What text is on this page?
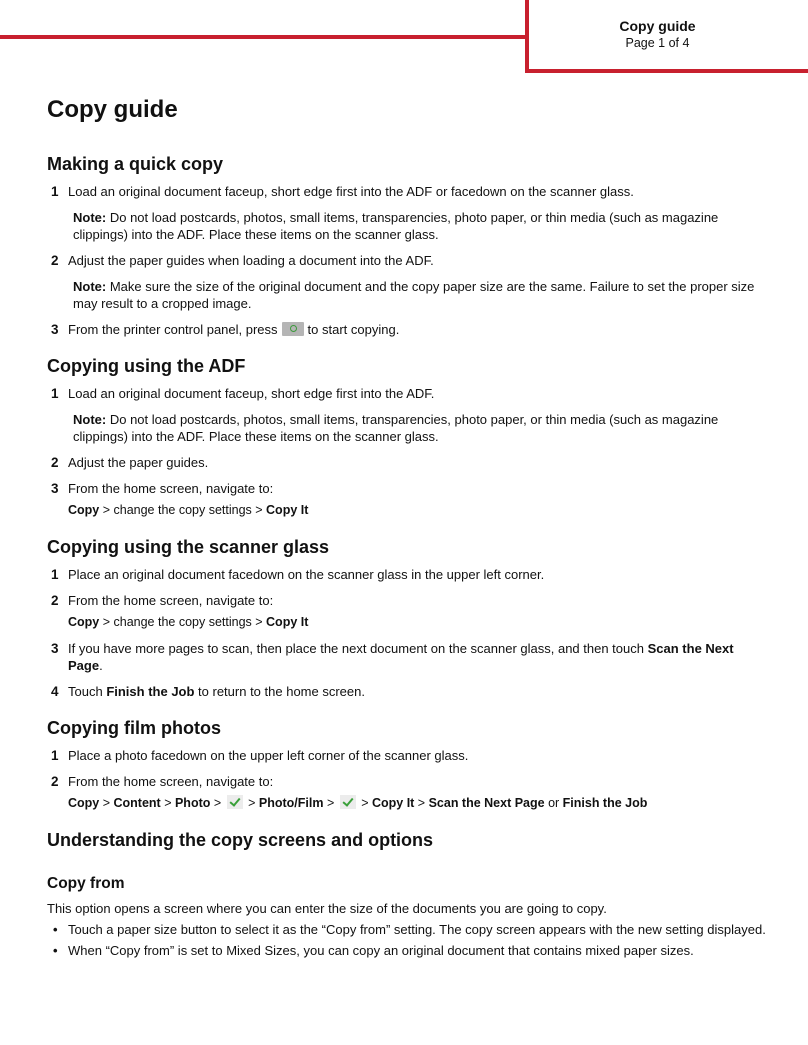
Copy guide
Page 1 of 4
Copy guide
Making a quick copy
1 Load an original document faceup, short edge first into the ADF or facedown on the scanner glass.
Note: Do not load postcards, photos, small items, transparencies, photo paper, or thin media (such as magazine clippings) into the ADF. Place these items on the scanner glass.
2 Adjust the paper guides when loading a document into the ADF.
Note: Make sure the size of the original document and the copy paper size are the same. Failure to set the proper size may result to a cropped image.
3 From the printer control panel, press to start copying.
Copying using the ADF
1 Load an original document faceup, short edge first into the ADF.
Note: Do not load postcards, photos, small items, transparencies, photo paper, or thin media (such as magazine clippings) into the ADF. Place these items on the scanner glass.
2 Adjust the paper guides.
3 From the home screen, navigate to:
Copy > change the copy settings > Copy It
Copying using the scanner glass
1 Place an original document facedown on the scanner glass in the upper left corner.
2 From the home screen, navigate to:
Copy > change the copy settings > Copy It
3 If you have more pages to scan, then place the next document on the scanner glass, and then touch Scan the Next Page.
4 Touch Finish the Job to return to the home screen.
Copying film photos
1 Place a photo facedown on the upper left corner of the scanner glass.
2 From the home screen, navigate to:
Copy > Content > Photo >  > Photo/Film >  > Copy It > Scan the Next Page or Finish the Job
Understanding the copy screens and options
Copy from
This option opens a screen where you can enter the size of the documents you are going to copy.
• Touch a paper size button to select it as the “Copy from” setting. The copy screen appears with the new setting displayed.
• When “Copy from” is set to Mixed Sizes, you can copy an original document that contains mixed paper sizes.
